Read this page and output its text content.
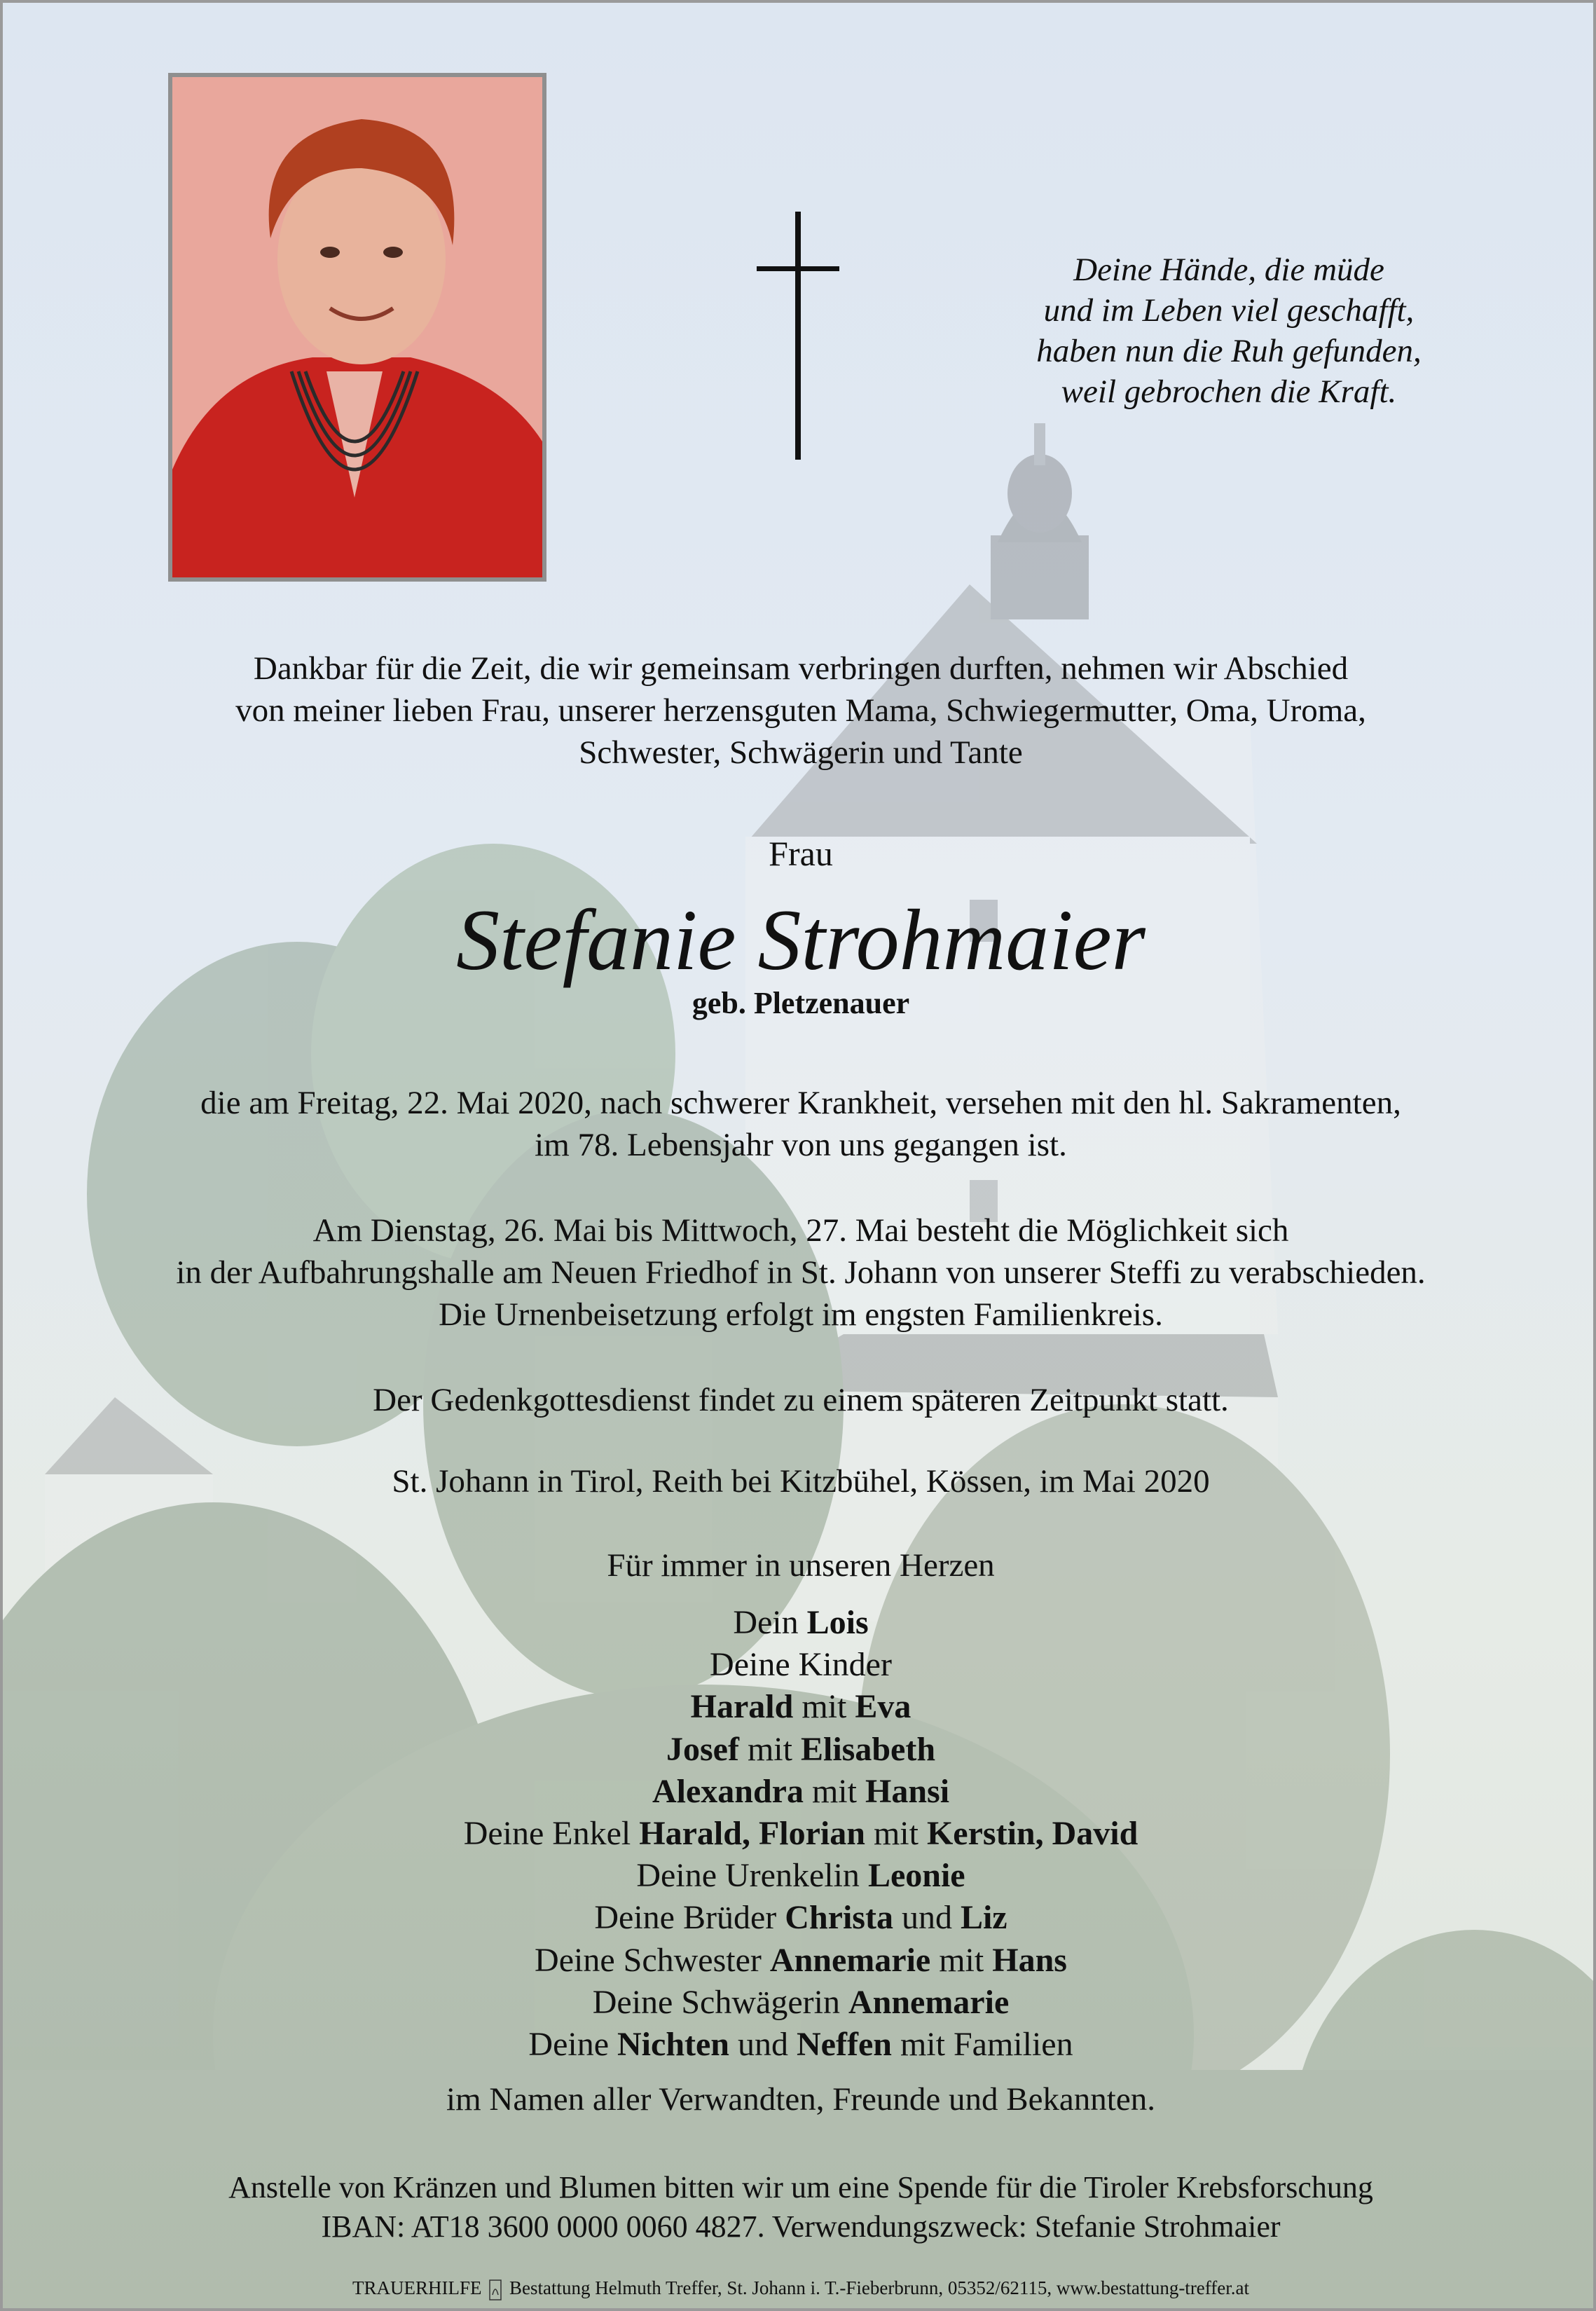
Deine Hände, die müde
und im Leben viel geschafft,
haben nun die Ruh gefunden,
weil gebrochen die Kraft.
Dankbar für die Zeit, die wir gemeinsam verbringen durften, nehmen wir Abschied
von meiner lieben Frau, unserer herzensguten Mama, Schwiegermutter, Oma, Uroma,
Schwester, Schwägerin und Tante
Frau
Stefanie Strohmaier
geb. Pletzenauer
die am Freitag, 22. Mai 2020, nach schwerer Krankheit, versehen mit den hl. Sakramenten,
im 78. Lebensjahr von uns gegangen ist.
Am Dienstag, 26. Mai bis Mittwoch, 27. Mai besteht die Möglichkeit sich
in der Aufbahrungshalle am Neuen Friedhof in St. Johann von unserer Steffi zu verabschieden.
Die Urnenbeisetzung erfolgt im engsten Familienkreis.
Der Gedenkgottesdienst findet zu einem späteren Zeitpunkt statt.
St. Johann in Tirol, Reith bei Kitzbühel, Kössen, im Mai 2020
Für immer in unseren Herzen
Dein Lois
Deine Kinder
Harald mit Eva
Josef mit Elisabeth
Alexandra mit Hansi
Deine Enkel Harald, Florian mit Kerstin, David
Deine Urenkelin Leonie
Deine Brüder Christa und Liz
Deine Schwester Annemarie mit Hans
Deine Schwägerin Annemarie
Deine Nichten und Neffen mit Familien
im Namen aller Verwandten, Freunde und Bekannten.
Anstelle von Kränzen und Blumen bitten wir um eine Spende für die Tiroler Krebsforschung
IBAN: AT18 3600 0000 0060 4827. Verwendungszweck: Stefanie Strohmaier
TRAUERHILFE Bestattung Helmuth Treffer, St. Johann i. T.-Fieberbrunn, 05352/62115, www.bestattung-treffer.at
